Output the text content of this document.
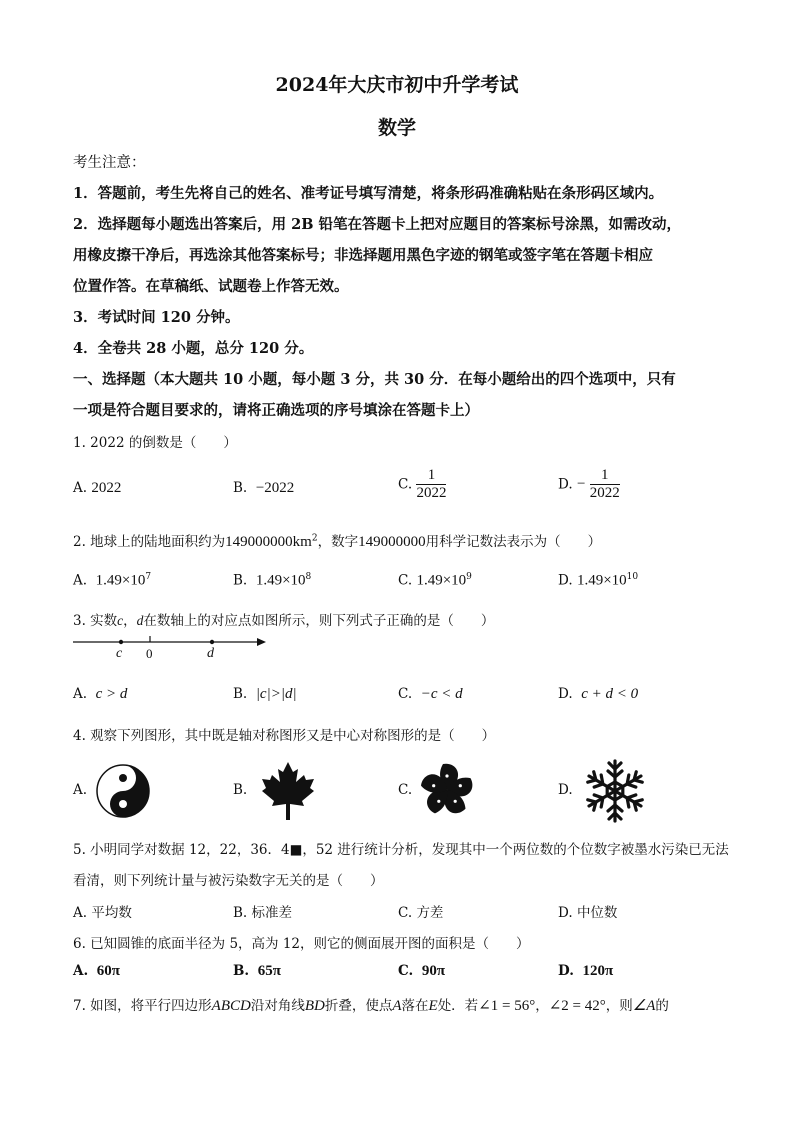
2024年大庆市初中升学考试
数学
考生注意：
1．答题前，考生先将自己的姓名、准考证号填写清楚，将条形码准确粘贴在条形码区域内。
2．选择题每小题选出答案后，用 2B 铅笔在答题卡上把对应题目的答案标号涂黑，如需改动，
用橡皮擦干净后，再选涂其他答案标号；非选择题用黑色字迹的钢笔或签字笔在答题卡相应
位置作答。在草稿纸、试题卷上作答无效。
3．考试时间 120 分钟。
4．全卷共 28 小题，总分 120 分。
一、选择题（本大题共 10 小题，每小题 3 分，共 30 分．在每小题给出的四个选项中，只有
一项是符合题目要求的，请将正确选项的序号填涂在答题卡上）
1. 2022 的倒数是（　　）
A. 2022	B. −2022	C. $\frac{1}{2022}$	D. − $\frac{1}{2022}$
2. 地球上的陆地面积约为$149000000km^2$，数字149000000用科学记数法表示为（　　）
A. $1.49\times 10^7$	B. $1.49\times 10^8$	C. $1.49\times 10^9$	D. $1.49\times 10^{10}$
3. 实数c，d在数轴上的对应点如图所示，则下列式子正确的是（　　）
c 0	d
A. c > d	B. |c|>|d|	C. −c < d	D. c + d < 0
4. 观察下列图形，其中既是轴对称图形又是中心对称图形的是（　　）
A.	B.	C.	D.
5. 小明同学对数据 12，22，36．4■，52 进行统计分析，发现其中一个两位数的个位数字被墨水污染已无法
看清，则下列统计量与被污染数字无关的是（　　）
A. 平均数	B. 标准差	C. 方差	D. 中位数
6. 已知圆锥的底面半径为 5，高为 12，则它的侧面展开图的面积是（　　）
A. 60π	B. 65π	C. 90π	D. 120π
7. 如图，将平行四边形ABCD沿对角线BD折叠，使点A落在E处．若∠1 = 56°，∠2 = 42°，则∠A的
